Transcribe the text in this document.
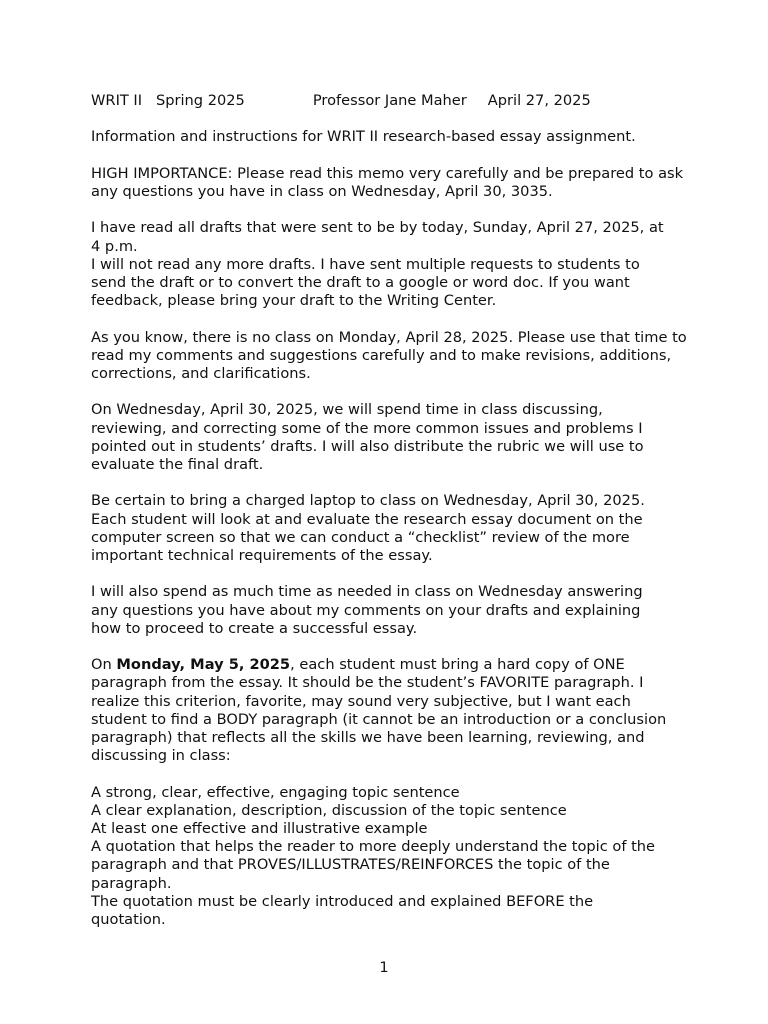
WRIT II Spring 2025	Professor Jane Maher April 27, 2025

Information and instructions for WRIT II research-based essay assignment.

HIGH IMPORTANCE: Please read this memo very carefully and be prepared to ask any questions you have in class on Wednesday, April 30, 3035.

I have read all drafts that were sent to be by today, Sunday, April 27, 2025, at 4 p.m.
I will not read any more drafts. I have sent multiple requests to students to send the draft or to convert the draft to a google or word doc. If you want feedback, please bring your draft to the Writing Center.

As you know, there is no class on Monday, April 28, 2025. Please use that time to read my comments and suggestions carefully and to make revisions, additions, corrections, and clarifications.

On Wednesday, April 30, 2025, we will spend time in class discussing, reviewing, and correcting some of the more common issues and problems I pointed out in students’ drafts. I will also distribute the rubric we will use to evaluate the final draft.

Be certain to bring a charged laptop to class on Wednesday, April 30, 2025. Each student will look at and evaluate the research essay document on the computer screen so that we can conduct a “checklist” review of the more important technical requirements of the essay.

I will also spend as much time as needed in class on Wednesday answering any questions you have about my comments on your drafts and explaining how to proceed to create a successful essay.

On Monday, May 5, 2025, each student must bring a hard copy of ONE paragraph from the essay. It should be the student’s FAVORITE paragraph. I realize this criterion, favorite, may sound very subjective, but I want each student to find a BODY paragraph (it cannot be an introduction or a conclusion paragraph) that reflects all the skills we have been learning, reviewing, and discussing in class:

A strong, clear, effective, engaging topic sentence
A clear explanation, description, discussion of the topic sentence
At least one effective and illustrative example
A quotation that helps the reader to more deeply understand the topic of the paragraph and that PROVES/ILLUSTRATES/REINFORCES the topic of the paragraph.
The quotation must be clearly introduced and explained BEFORE the quotation.
1
